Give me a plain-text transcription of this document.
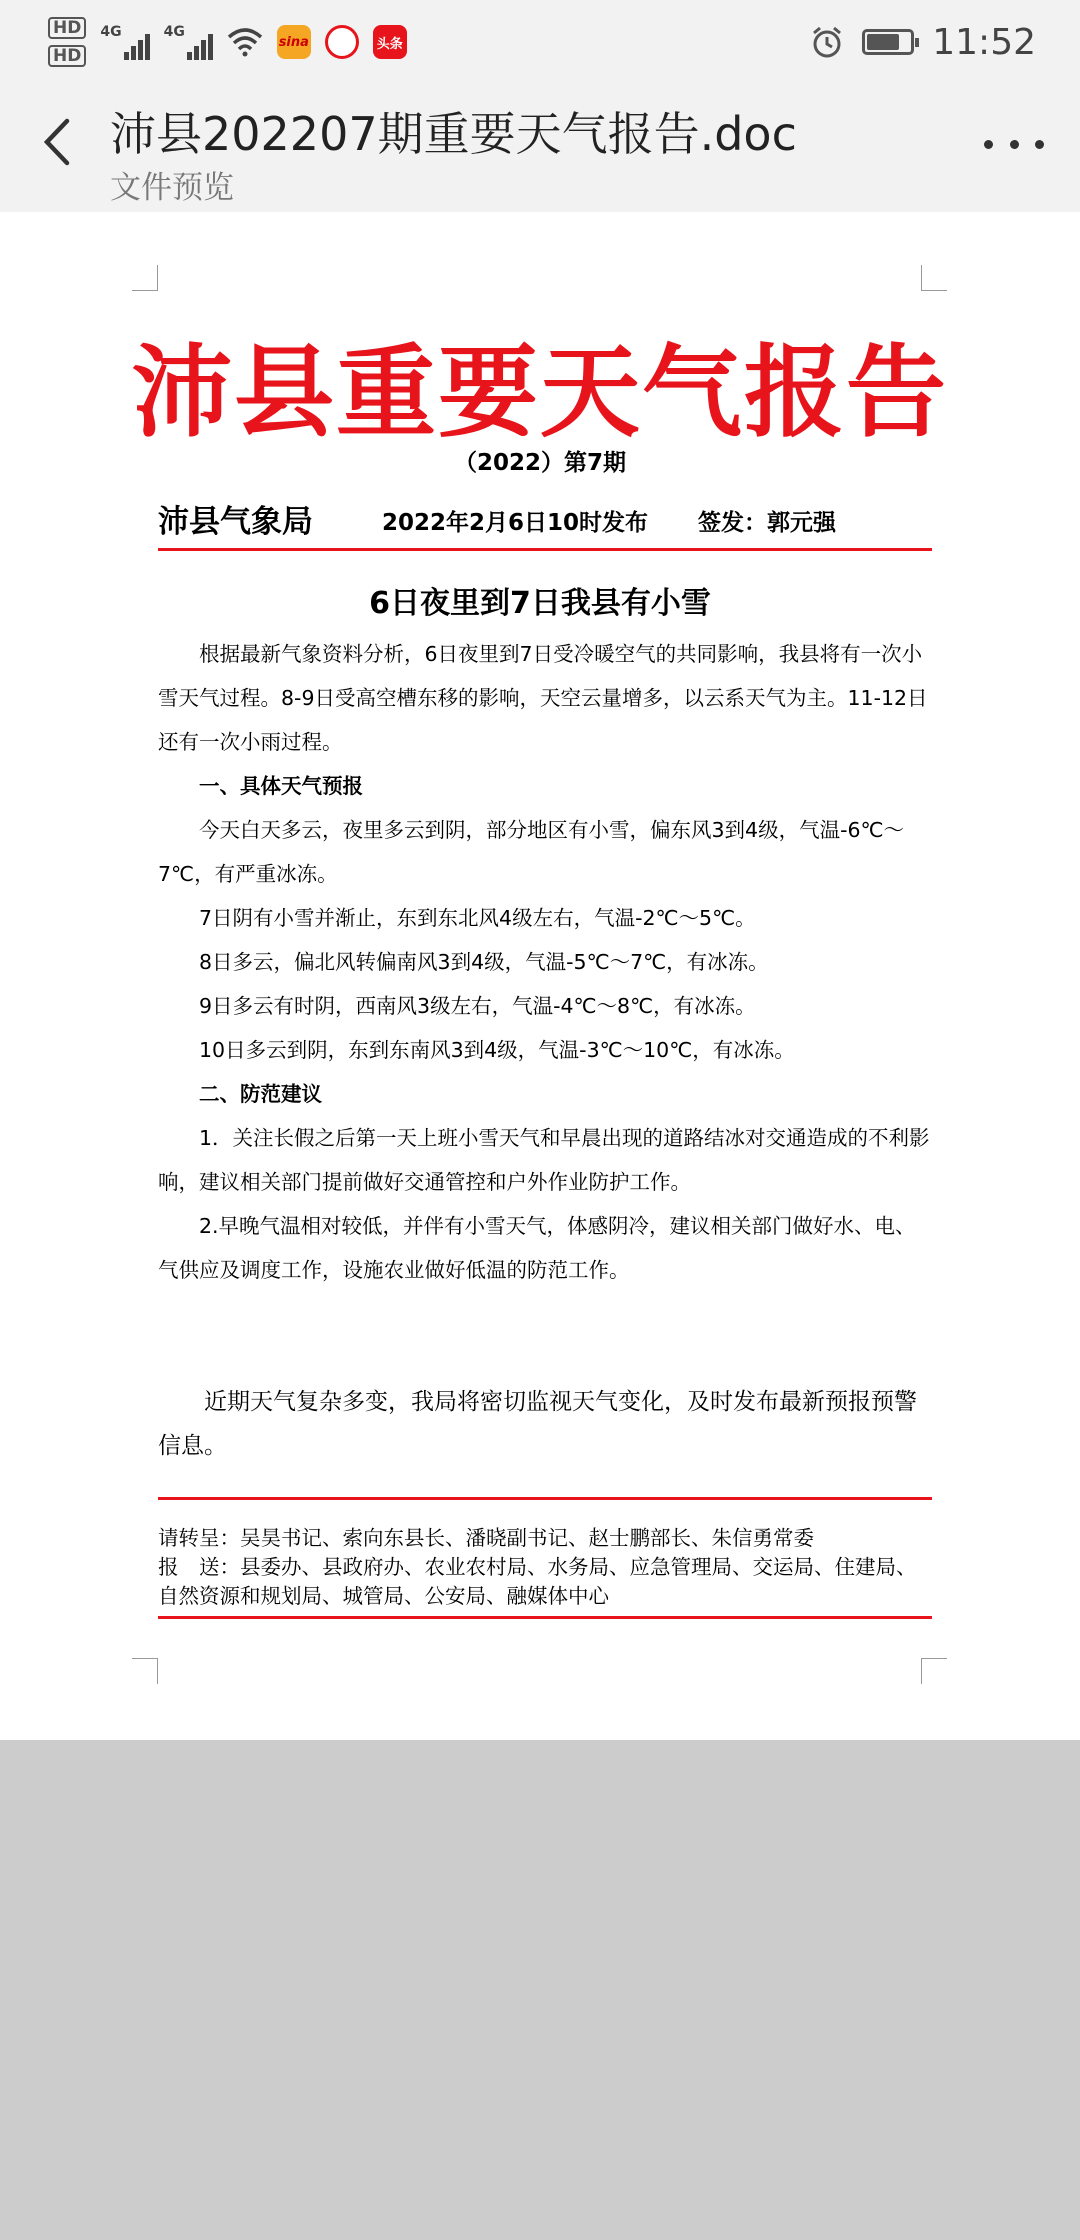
HD
HD
4G	4G
sina	头条	11:52
沛县202207期重要天气报告.doc
文件预览
沛县重要天气报告
（2022）第7期
沛县气象局	2022年2月6日10时发布 签发：郭元强
6日夜里到7日我县有小雪

根据最新气象资料分析，6日夜里到7日受冷暖空气的共同影响，我县将有一次小雪天气过程。8-9日受高空槽东移的影响，天空云量增多，以云系天气为主。11-12日还有一次小雨过程。

一、具体天气预报

今天白天多云，夜里多云到阴，部分地区有小雪，偏东风3到4级，气温-6℃～7℃，有严重冰冻。

7日阴有小雪并渐止，东到东北风4级左右，气温-2℃～5℃。

8日多云，偏北风转偏南风3到4级，气温-5℃～7℃，有冰冻。

9日多云有时阴，西南风3级左右，气温-4℃～8℃，有冰冻。

10日多云到阴，东到东南风3到4级，气温-3℃～10℃，有冰冻。

二、防范建议

1．关注长假之后第一天上班小雪天气和早晨出现的道路结冰对交通造成的不利影响，建议相关部门提前做好交通管控和户外作业防护工作。

2.早晚气温相对较低，并伴有小雪天气，体感阴冷，建议相关部门做好水、电、气供应及调度工作，设施农业做好低温的防范工作。

近期天气复杂多变，我局将密切监视天气变化，及时发布最新预报预警信息。

请转呈：吴昊书记、索向东县长、潘晓副书记、赵士鹏部长、朱信勇常委
报　送：县委办、县政府办、农业农村局、水务局、应急管理局、交运局、住建局、自然资源和规划局、城管局、公安局、融媒体中心
